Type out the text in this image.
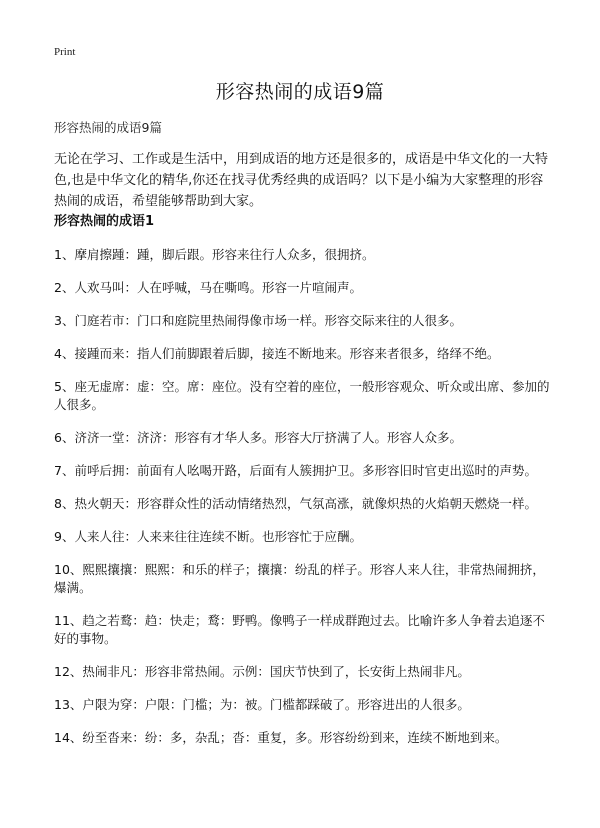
Print
形容热闹的成语9篇
形容热闹的成语9篇

无论在学习、工作或是生活中，用到成语的地方还是很多的，成语是中华文化的一大特色,也是中华文化的精华,你还在找寻优秀经典的成语吗？以下是小编为大家整理的形容热闹的成语，希望能够帮助到大家。

形容热闹的成语1
1、摩肩擦踵：踵，脚后跟。形容来往行人众多，很拥挤。
2、人欢马叫：人在呼喊，马在嘶鸣。形容一片喧闹声。
3、门庭若市：门口和庭院里热闹得像市场一样。形容交际来往的人很多。
4、接踵而来：指人们前脚跟着后脚，接连不断地来。形容来者很多，络绎不绝。
5、座无虚席：虚：空。席：座位。没有空着的座位，一般形容观众、听众或出席、参加的人很多。
6、济济一堂：济济：形容有才华人多。形容大厅挤满了人。形容人众多。
7、前呼后拥：前面有人吆喝开路，后面有人簇拥护卫。多形容旧时官吏出巡时的声势。
8、热火朝天：形容群众性的活动情绪热烈，气氛高涨，就像炽热的火焰朝天燃烧一样。
9、人来人往：人来来往往连续不断。也形容忙于应酬。
10、熙熙攘攘：熙熙：和乐的样子；攘攘：纷乱的样子。形容人来人往，非常热闹拥挤，爆满。
11、趋之若鹜：趋：快走；鹜：野鸭。像鸭子一样成群跑过去。比喻许多人争着去追逐不好的事物。
12、热闹非凡：形容非常热闹。示例：国庆节快到了，长安街上热闹非凡。
13、户限为穿：户限：门槛；为：被。门槛都踩破了。形容进出的人很多。
14、纷至沓来：纷：多，杂乱；沓：重复，多。形容纷纷到来，连续不断地到来。
